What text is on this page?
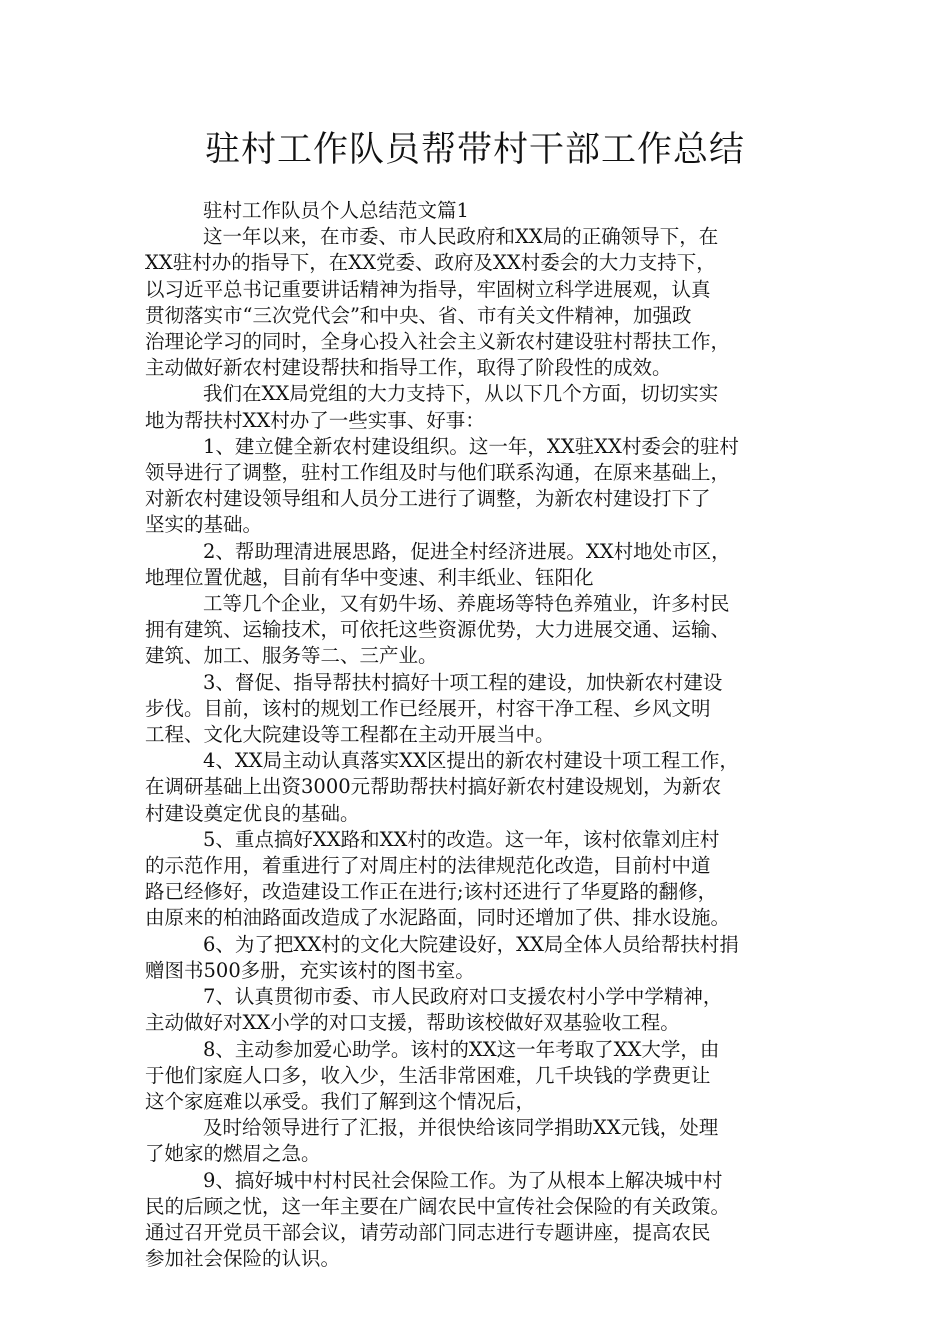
驻村工作队员帮带村干部工作总结
驻村工作队员个人总结范文篇1
这一年以来，在市委、市人民政府和XX局的正确领导下，在
XX驻村办的指导下，在XX党委、政府及XX村委会的大力支持下，
以习近平总书记重要讲话精神为指导，牢固树立科学进展观，认真
贯彻落实市“三次党代会”和中央、省、市有关文件精神，加强政
治理论学习的同时，全身心投入社会主义新农村建设驻村帮扶工作，
主动做好新农村建设帮扶和指导工作，取得了阶段性的成效。
我们在XX局党组的大力支持下，从以下几个方面，切切实实
地为帮扶村XX村办了一些实事、好事：
1、建立健全新农村建设组织。这一年，XX驻XX村委会的驻村
领导进行了调整，驻村工作组及时与他们联系沟通，在原来基础上，
对新农村建设领导组和人员分工进行了调整，为新农村建设打下了
坚实的基础。
2、帮助理清进展思路，促进全村经济进展。XX村地处市区，
地理位置优越，目前有华中变速、利丰纸业、钰阳化
工等几个企业，又有奶牛场、养鹿场等特色养殖业，许多村民
拥有建筑、运输技术，可依托这些资源优势，大力进展交通、运输、
建筑、加工、服务等二、三产业。
3、督促、指导帮扶村搞好十项工程的建设，加快新农村建设
步伐。目前，该村的规划工作已经展开，村容干净工程、乡风文明
工程、文化大院建设等工程都在主动开展当中。
4、XX局主动认真落实XX区提出的新农村建设十项工程工作，
在调研基础上出资3000元帮助帮扶村搞好新农村建设规划，为新农
村建设奠定优良的基础。
5、重点搞好XX路和XX村的改造。这一年，该村依靠刘庄村
的示范作用，着重进行了对周庄村的法律规范化改造，目前村中道
路已经修好，改造建设工作正在进行;该村还进行了华夏路的翻修，
由原来的柏油路面改造成了水泥路面，同时还增加了供、排水设施。
6、为了把XX村的文化大院建设好，XX局全体人员给帮扶村捐
赠图书500多册，充实该村的图书室。
7、认真贯彻市委、市人民政府对口支援农村小学中学精神，
主动做好对XX小学的对口支援，帮助该校做好双基验收工程。
8、主动参加爱心助学。该村的XX这一年考取了XX大学，由
于他们家庭人口多，收入少，生活非常困难，几千块钱的学费更让
这个家庭难以承受。我们了解到这个情况后，
及时给领导进行了汇报，并很快给该同学捐助XX元钱，处理
了她家的燃眉之急。
9、搞好城中村村民社会保险工作。为了从根本上解决城中村
民的后顾之忧，这一年主要在广阔农民中宣传社会保险的有关政策。
通过召开党员干部会议，请劳动部门同志进行专题讲座，提高农民
参加社会保险的认识。
